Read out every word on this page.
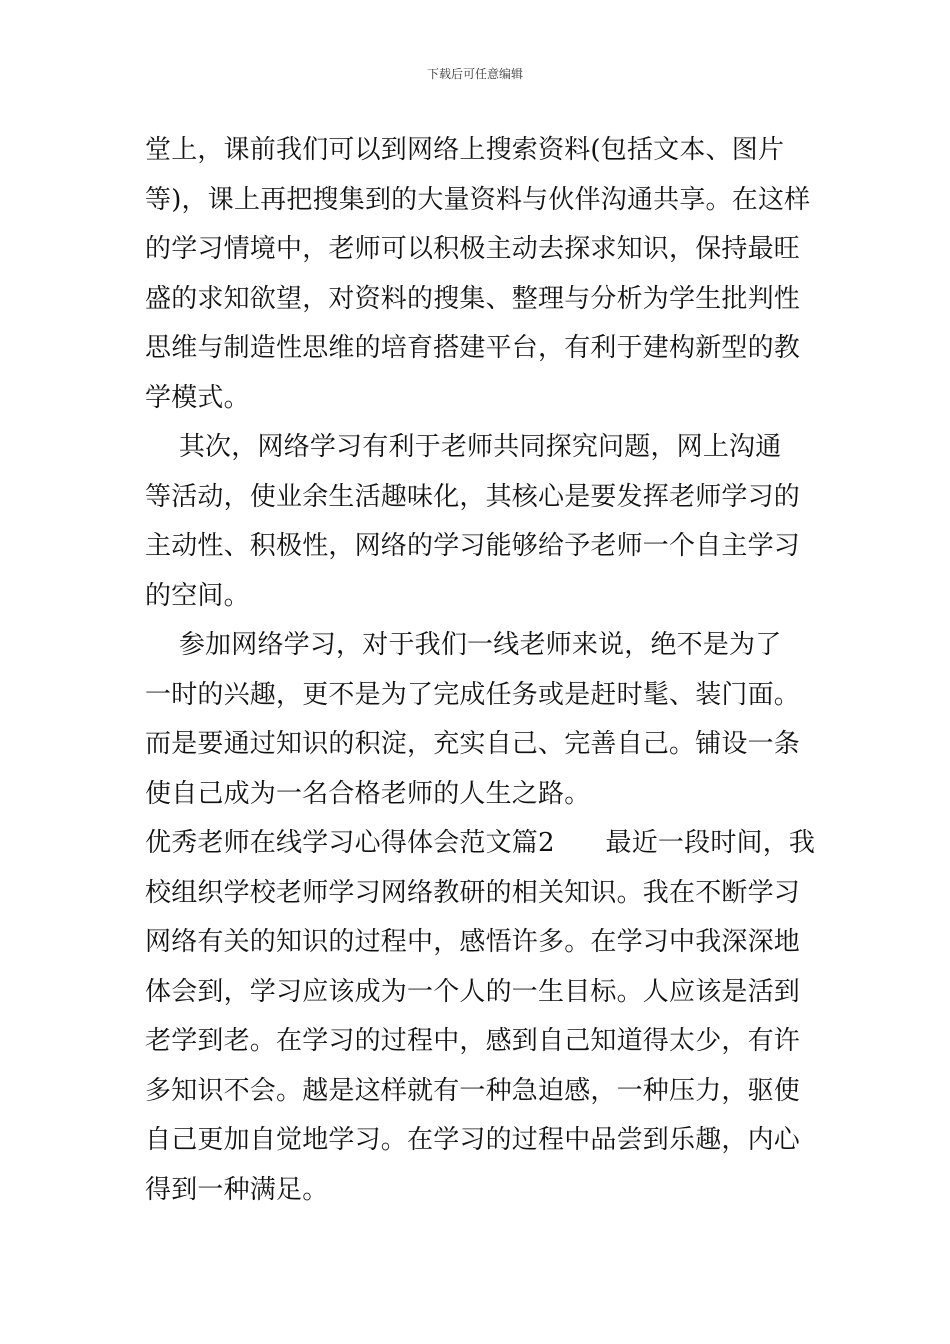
下载后可任意编辑
堂上，课前我们可以到网络上搜索资料(包括文本、图片
等)，课上再把搜集到的大量资料与伙伴沟通共享。在这样
的学习情境中，老师可以积极主动去探求知识，保持最旺
盛的求知欲望，对资料的搜集、整理与分析为学生批判性
思维与制造性思维的培育搭建平台，有利于建构新型的教
学模式。
其次，网络学习有利于老师共同探究问题，网上沟通
等活动，使业余生活趣味化，其核心是要发挥老师学习的
主动性、积极性，网络的学习能够给予老师一个自主学习
的空间。
参加网络学习，对于我们一线老师来说，绝不是为了
一时的兴趣，更不是为了完成任务或是赶时髦、装门面。
而是要通过知识的积淀，充实自己、完善自己。铺设一条
使自己成为一名合格老师的人生之路。
优秀老师在线学习心得体会范文篇2      最近一段时间，我
校组织学校老师学习网络教研的相关知识。我在不断学习
网络有关的知识的过程中，感悟许多。在学习中我深深地
体会到，学习应该成为一个人的一生目标。人应该是活到
老学到老。在学习的过程中，感到自己知道得太少，有许
多知识不会。越是这样就有一种急迫感，一种压力，驱使
自己更加自觉地学习。在学习的过程中品尝到乐趣，内心
得到一种满足。
